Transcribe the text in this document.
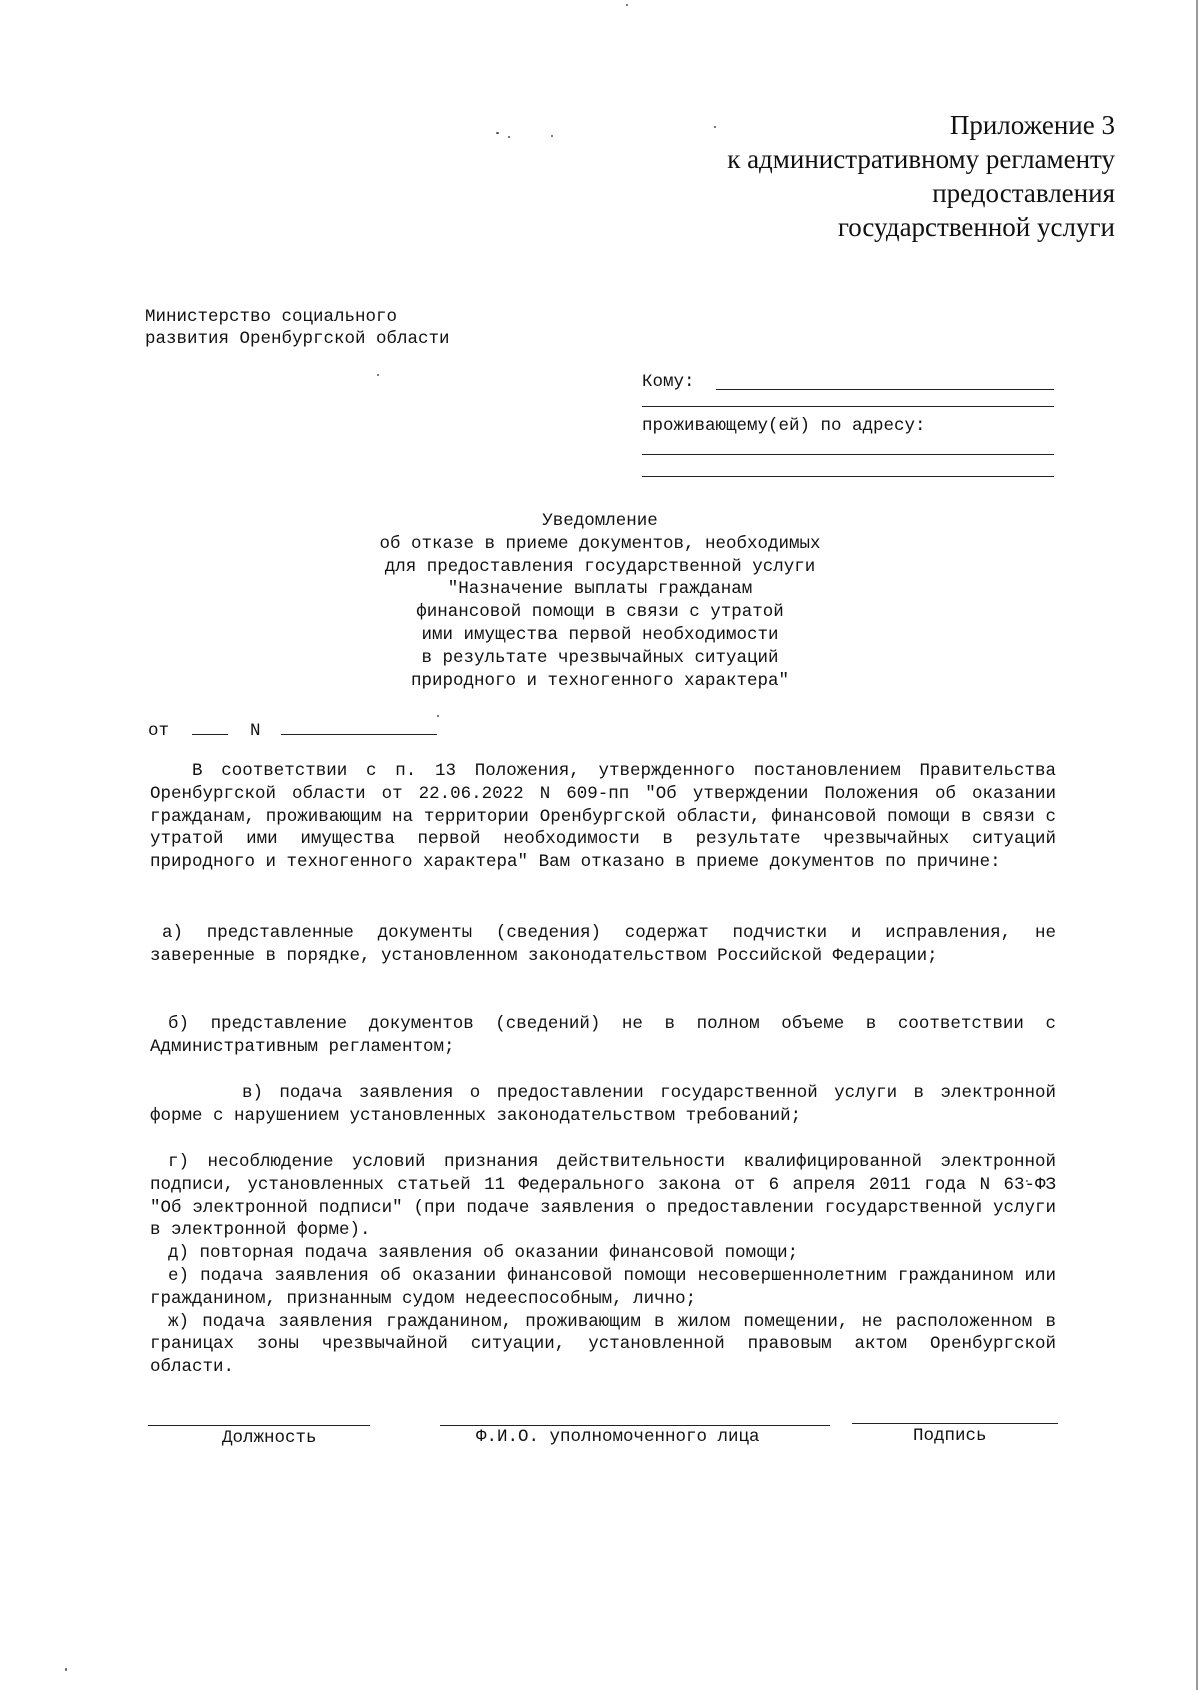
Приложение 3
к административному регламенту
предоставления
государственной услуги
Министерство социального
развития Оренбургской области
Кому:
проживающему(ей) по адресу:
Уведомление
об отказе в приеме документов, необходимых
для предоставления государственной услуги
"Назначение выплаты гражданам
финансовой помощи в связи с утратой
ими имущества первой необходимости
в результате чрезвычайных ситуаций
природного и техногенного характера"
от	N

В соответствии с п. 13 Положения, утвержденного постановлением Правительства Оренбургской области от 22.06.2022 N 609-пп "Об утверждении Положения об оказании гражданам, проживающим на территории Оренбургской области, финансовой помощи в связи с утратой ими имущества первой необходимости в результате чрезвычайных ситуаций природного и техногенного характера" Вам отказано в приеме документов по причине:

а) представленные документы (сведения) содержат подчистки и исправления, не заверенные в порядке, установленном законодательством Российской Федерации;

б) представление документов (сведений) не в полном объеме в соответствии с Административным регламентом;

в) подача заявления о предоставлении государственной услуги в электронной форме с нарушением установленных законодательством требований;

г) несоблюдение условий признания действительности квалифицированной электронной подписи, установленных статьей 11 Федерального закона от 6 апреля 2011 года N 63-ФЗ "Об электронной подписи" (при подаче заявления о предоставлении государственной услуги в электронной форме).

д) повторная подача заявления об оказании финансовой помощи;

е) подача заявления об оказании финансовой помощи несовершеннолетним гражданином или гражданином, признанным судом недееспособным, лично;

ж) подача заявления гражданином, проживающим в жилом помещении, не расположенном в границах зоны чрезвычайной ситуации, установленной правовым актом Оренбургской области.

Должность	Ф.И.О. уполномоченного лица	Подпись
